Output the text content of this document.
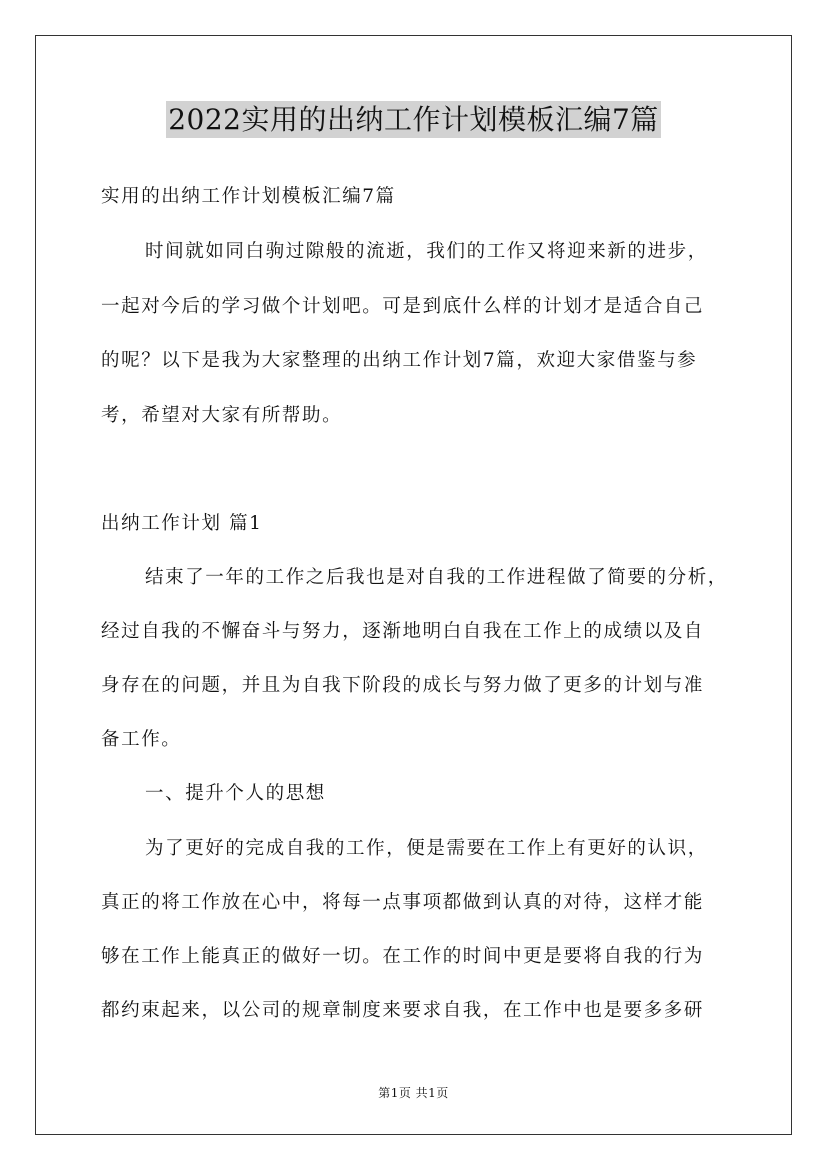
2022实用的出纳工作计划模板汇编7篇
实用的出纳工作计划模板汇编7篇
时间就如同白驹过隙般的流逝，我们的工作又将迎来新的进步，
一起对今后的学习做个计划吧。可是到底什么样的计划才是适合自己
的呢？以下是我为大家整理的出纳工作计划7篇，欢迎大家借鉴与参
考，希望对大家有所帮助。
出纳工作计划 篇1
结束了一年的工作之后我也是对自我的工作进程做了简要的分析，
经过自我的不懈奋斗与努力，逐渐地明白自我在工作上的成绩以及自
身存在的问题，并且为自我下阶段的成长与努力做了更多的计划与准
备工作。
一、提升个人的思想
为了更好的完成自我的工作，便是需要在工作上有更好的认识，
真正的将工作放在心中，将每一点事项都做到认真的对待，这样才能
够在工作上能真正的做好一切。在工作的时间中更是要将自我的行为
都约束起来，以公司的规章制度来要求自我，在工作中也是要多多研
第1页 共1页
